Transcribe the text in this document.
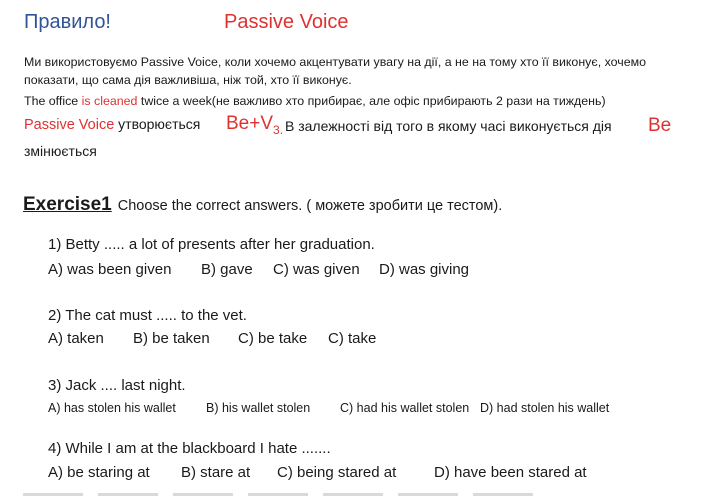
Правило!	Passive Voice
Ми використовуємо Passive Voice, коли хочемо акцентувати увагу на дії, а не на тому хто її виконує, хочемо
показати, що сама дія важливіша, ніж той, хто її виконує.
The office is cleaned twice a week(не важливо хто прибирає, але офіс прибирають 2 рази на тиждень)
Passive Voice утворюється $Be+V_{3.}$ В залежності від того в якому часі виконується дія Be
змінюється
Exercise1 Choose the correct answers. ( можете зробити це тестом).
1) Betty ..... a lot of presents after her graduation.
A) was been given B) gave C) was given D) was giving
2) The cat must ..... to the vet.
A) taken B) be taken C) be take C) take
3) Jack .... last night.
A) has stolen his wallet B) his wallet stolen C) had his wallet stolen D) had stolen his wallet
4) While I am at the blackboard I hate .......
A) be staring at B) stare at C) being stared at	D) have been stared at
